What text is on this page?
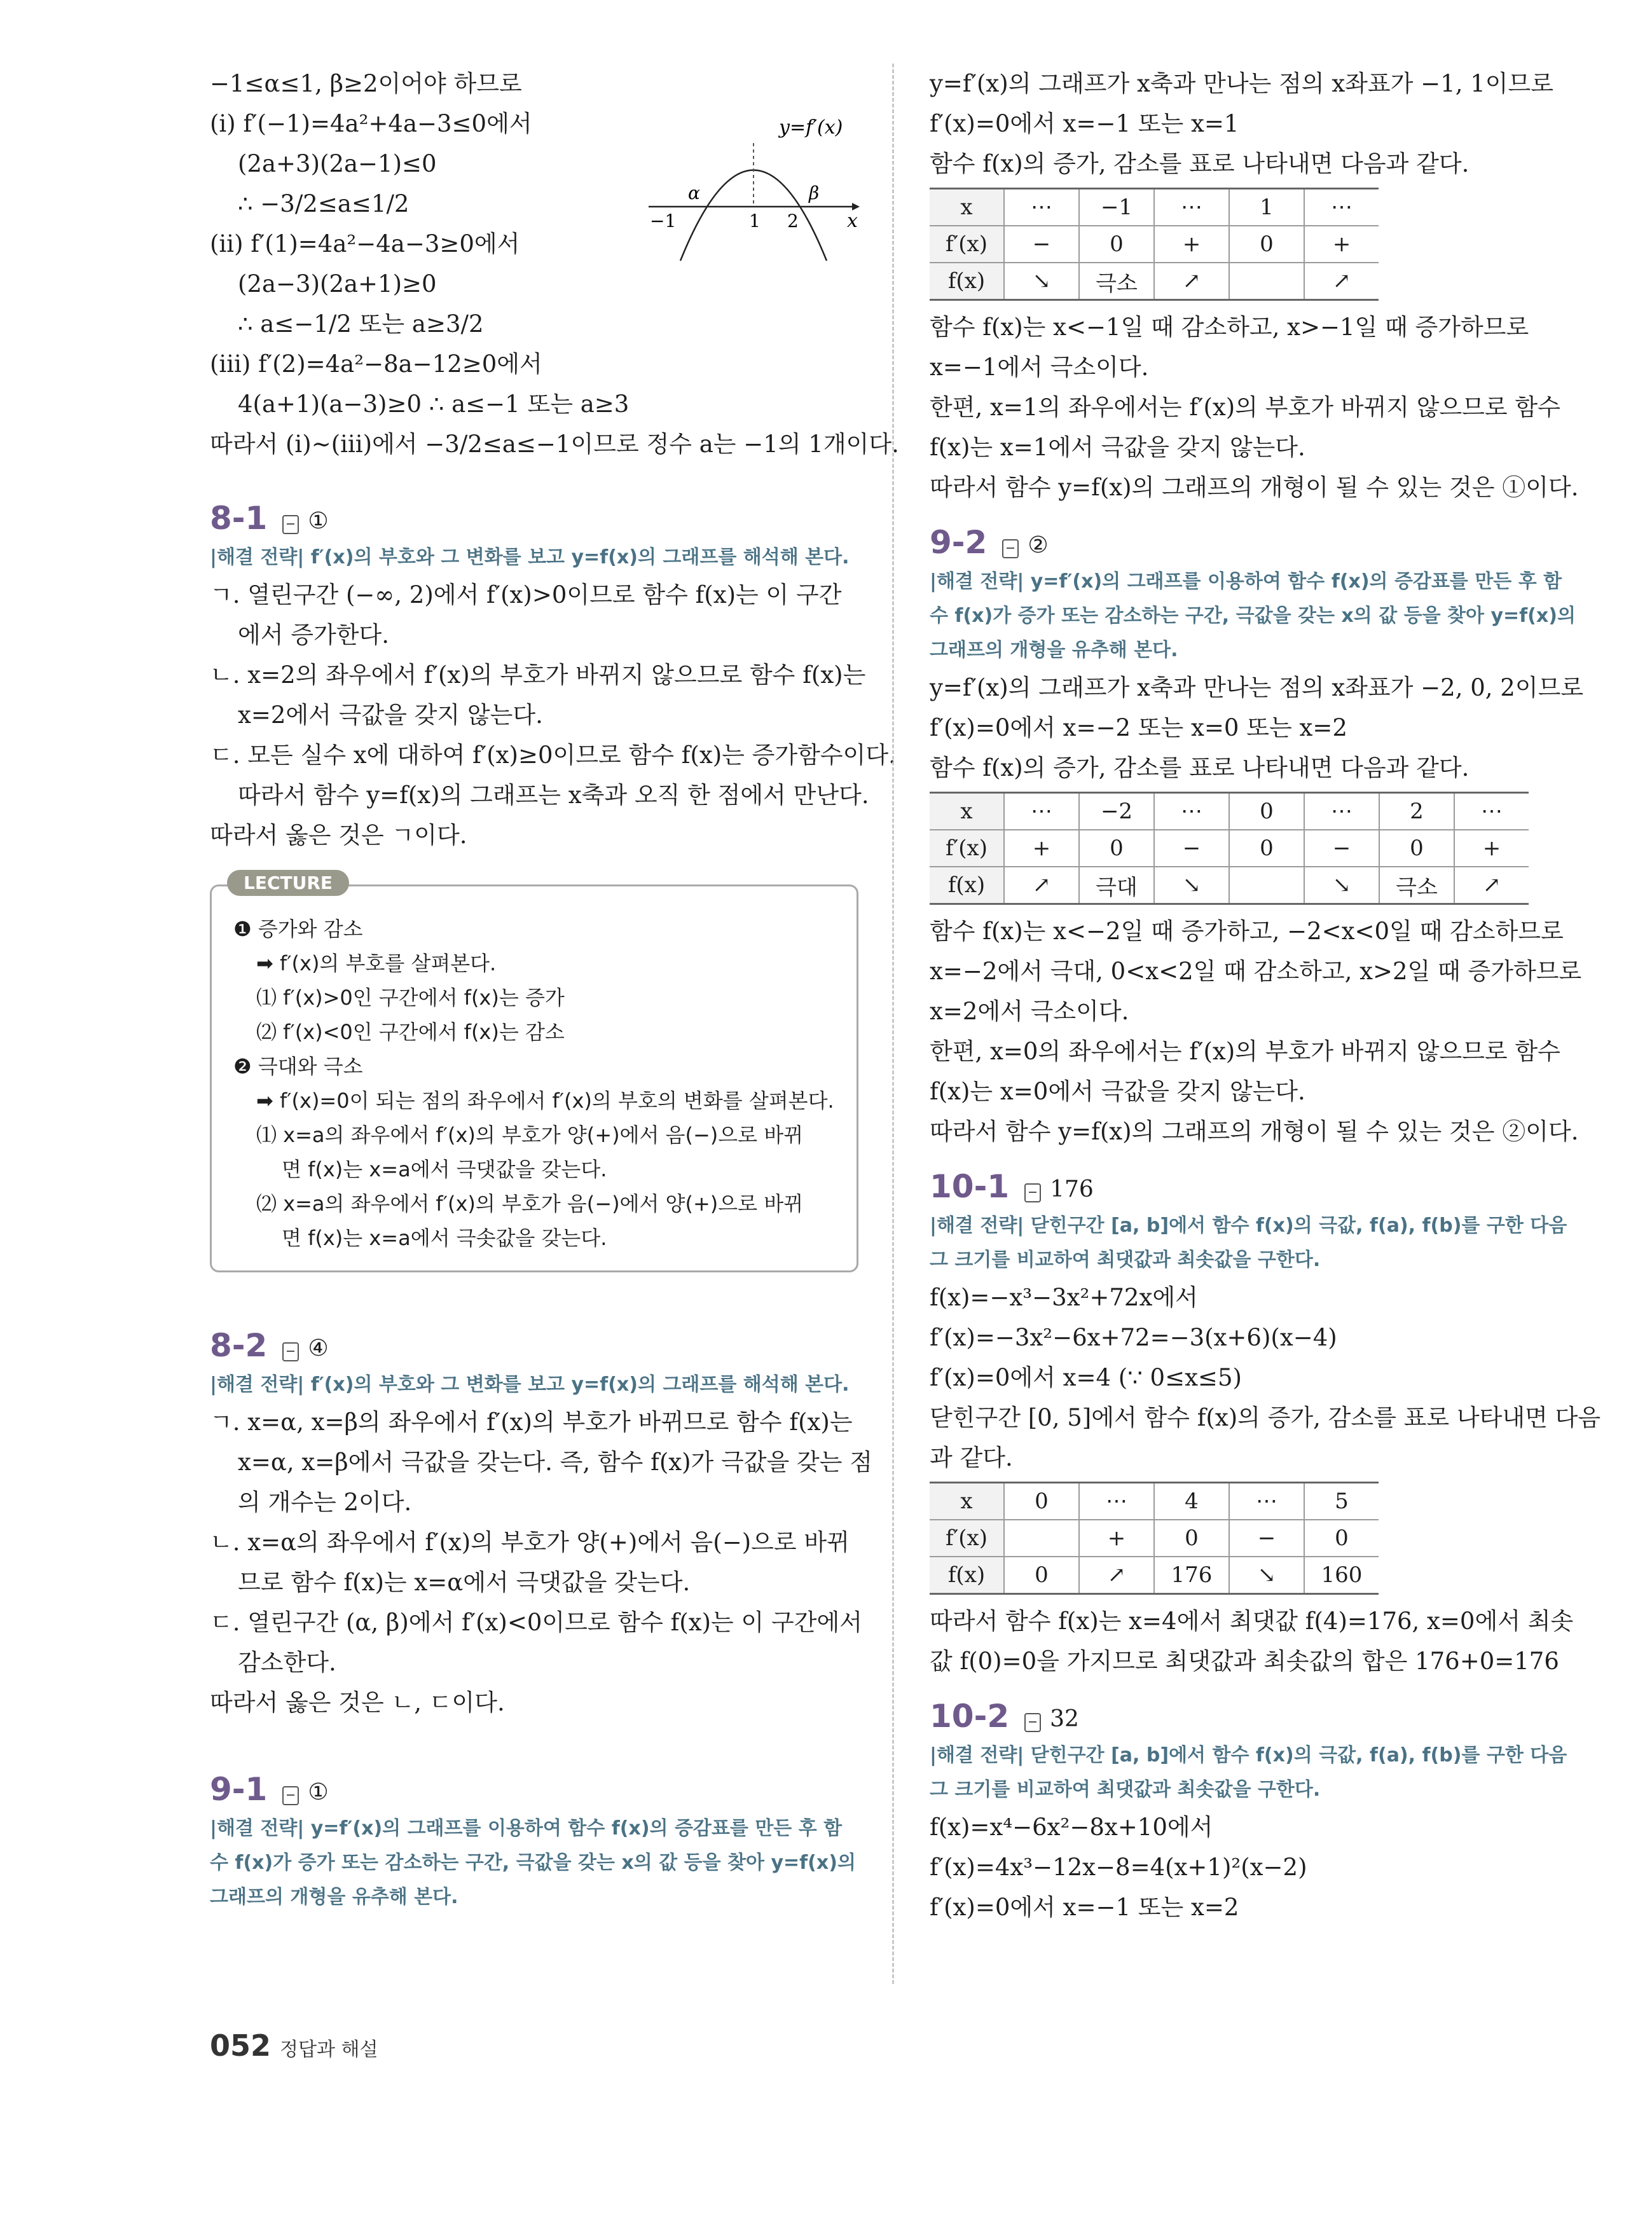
−1≤α≤1, β≥2이어야 하므로
(ⅰ) f′(−1)=4a²+4a−3≤0에서
(2a+3)(2a−1)≤0
∴ −3/2≤a≤1/2
(ⅱ) f′(1)=4a²−4a−3≥0에서
(2a−3)(2a+1)≥0
∴ a≤−1/2 또는 a≥3/2
(ⅲ) f′(2)=4a²−8a−12≥0에서
4(a+1)(a−3)≥0 ∴ a≤−1 또는 a≥3
따라서 (ⅰ)~(ⅲ)에서 −3/2≤a≤−1이므로 정수 a는 −1의 1개이다.
8-1 ①
|해결 전략| f′(x)의 부호와 그 변화를 보고 y=f(x)의 그래프를 해석해 본다.
ㄱ. 열린구간 (−∞, 2)에서 f′(x)>0이므로 함수 f(x)는 이 구간
에서 증가한다.
ㄴ. x=2의 좌우에서 f′(x)의 부호가 바뀌지 않으므로 함수 f(x)는
x=2에서 극값을 갖지 않는다.
ㄷ. 모든 실수 x에 대하여 f′(x)≥0이므로 함수 f(x)는 증가함수이다.
따라서 함수 y=f(x)의 그래프는 x축과 오직 한 점에서 만난다.
따라서 옳은 것은 ㄱ이다.
LECTURE
❶ 증가와 감소
➡ f′(x)의 부호를 살펴본다.
⑴ f′(x)>0인 구간에서 f(x)는 증가
⑵ f′(x)<0인 구간에서 f(x)는 감소
❷ 극대와 극소
➡ f′(x)=0이 되는 점의 좌우에서 f′(x)의 부호의 변화를 살펴본다.
⑴ x=a의 좌우에서 f′(x)의 부호가 양(+)에서 음(−)으로 바뀌
면 f(x)는 x=a에서 극댓값을 갖는다.
⑵ x=a의 좌우에서 f′(x)의 부호가 음(−)에서 양(+)으로 바뀌
면 f(x)는 x=a에서 극솟값을 갖는다.
8-2 ④
|해결 전략| f′(x)의 부호와 그 변화를 보고 y=f(x)의 그래프를 해석해 본다.
ㄱ. x=α, x=β의 좌우에서 f′(x)의 부호가 바뀌므로 함수 f(x)는
x=α, x=β에서 극값을 갖는다. 즉, 함수 f(x)가 극값을 갖는 점
의 개수는 2이다.
ㄴ. x=α의 좌우에서 f′(x)의 부호가 양(+)에서 음(−)으로 바뀌
므로 함수 f(x)는 x=α에서 극댓값을 갖는다.
ㄷ. 열린구간 (α, β)에서 f′(x)<0이므로 함수 f(x)는 이 구간에서
감소한다.
따라서 옳은 것은 ㄴ, ㄷ이다.
9-1 ①
|해결 전략| y=f′(x)의 그래프를 이용하여 함수 f(x)의 증감표를 만든 후 함수 f(x)가 증가 또는 감소하는 구간, 극값을 갖는 x의 값 등을 찾아 y=f(x)의 그래프의 개형을 유추해 본다.
y=f′(x)
α	β
−1	1 2	x
y=f′(x)의 그래프가 x축과 만나는 점의 x좌표가 −1, 1이므로
f′(x)=0에서 x=−1 또는 x=1
함수 f(x)의 증가, 감소를 표로 나타내면 다음과 같다.
x	⋯	−1	⋯	1	⋯
f′(x)	−	0	+	0	+
f(x)	↘	극소	↗		↗
함수 f(x)는 x<−1일 때 감소하고, x>−1일 때 증가하므로
x=−1에서 극소이다.
한편, x=1의 좌우에서는 f′(x)의 부호가 바뀌지 않으므로 함수
f(x)는 x=1에서 극값을 갖지 않는다.
따라서 함수 y=f(x)의 그래프의 개형이 될 수 있는 것은 ①이다.
9-2 ②
|해결 전략| y=f′(x)의 그래프를 이용하여 함수 f(x)의 증감표를 만든 후 함수 f(x)가 증가 또는 감소하는 구간, 극값을 갖는 x의 값 등을 찾아 y=f(x)의 그래프의 개형을 유추해 본다.
y=f′(x)의 그래프가 x축과 만나는 점의 x좌표가 −2, 0, 2이므로
f′(x)=0에서 x=−2 또는 x=0 또는 x=2
함수 f(x)의 증가, 감소를 표로 나타내면 다음과 같다.
x	⋯	−2	⋯	0	⋯	2	⋯
f′(x)	+	0	−	0	−	0	+
f(x)	↗	극대	↘		↘	극소	↗
함수 f(x)는 x<−2일 때 증가하고, −2<x<0일 때 감소하므로
x=−2에서 극대, 0<x<2일 때 감소하고, x>2일 때 증가하므로
x=2에서 극소이다.
한편, x=0의 좌우에서는 f′(x)의 부호가 바뀌지 않으므로 함수
f(x)는 x=0에서 극값을 갖지 않는다.
따라서 함수 y=f(x)의 그래프의 개형이 될 수 있는 것은 ②이다.
10-1 176
|해결 전략| 닫힌구간 [a, b]에서 함수 f(x)의 극값, f(a), f(b)를 구한 다음 그 크기를 비교하여 최댓값과 최솟값을 구한다.
f(x)=−x³−3x²+72x에서
f′(x)=−3x²−6x+72=−3(x+6)(x−4)
f′(x)=0에서 x=4 (∵ 0≤x≤5)
닫힌구간 [0, 5]에서 함수 f(x)의 증가, 감소를 표로 나타내면 다음
과 같다.
x	0	⋯	4	⋯	5
f′(x)		+	0	−	0
f(x)	0	↗	176	↘	160
따라서 함수 f(x)는 x=4에서 최댓값 f(4)=176, x=0에서 최솟
값 f(0)=0을 가지므로 최댓값과 최솟값의 합은 176+0=176
10-2 32
|해결 전략| 닫힌구간 [a, b]에서 함수 f(x)의 극값, f(a), f(b)를 구한 다음 그 크기를 비교하여 최댓값과 최솟값을 구한다.
f(x)=x⁴−6x²−8x+10에서
f′(x)=4x³−12x−8=4(x+1)²(x−2)
f′(x)=0에서 x=−1 또는 x=2
052 정답과 해설
